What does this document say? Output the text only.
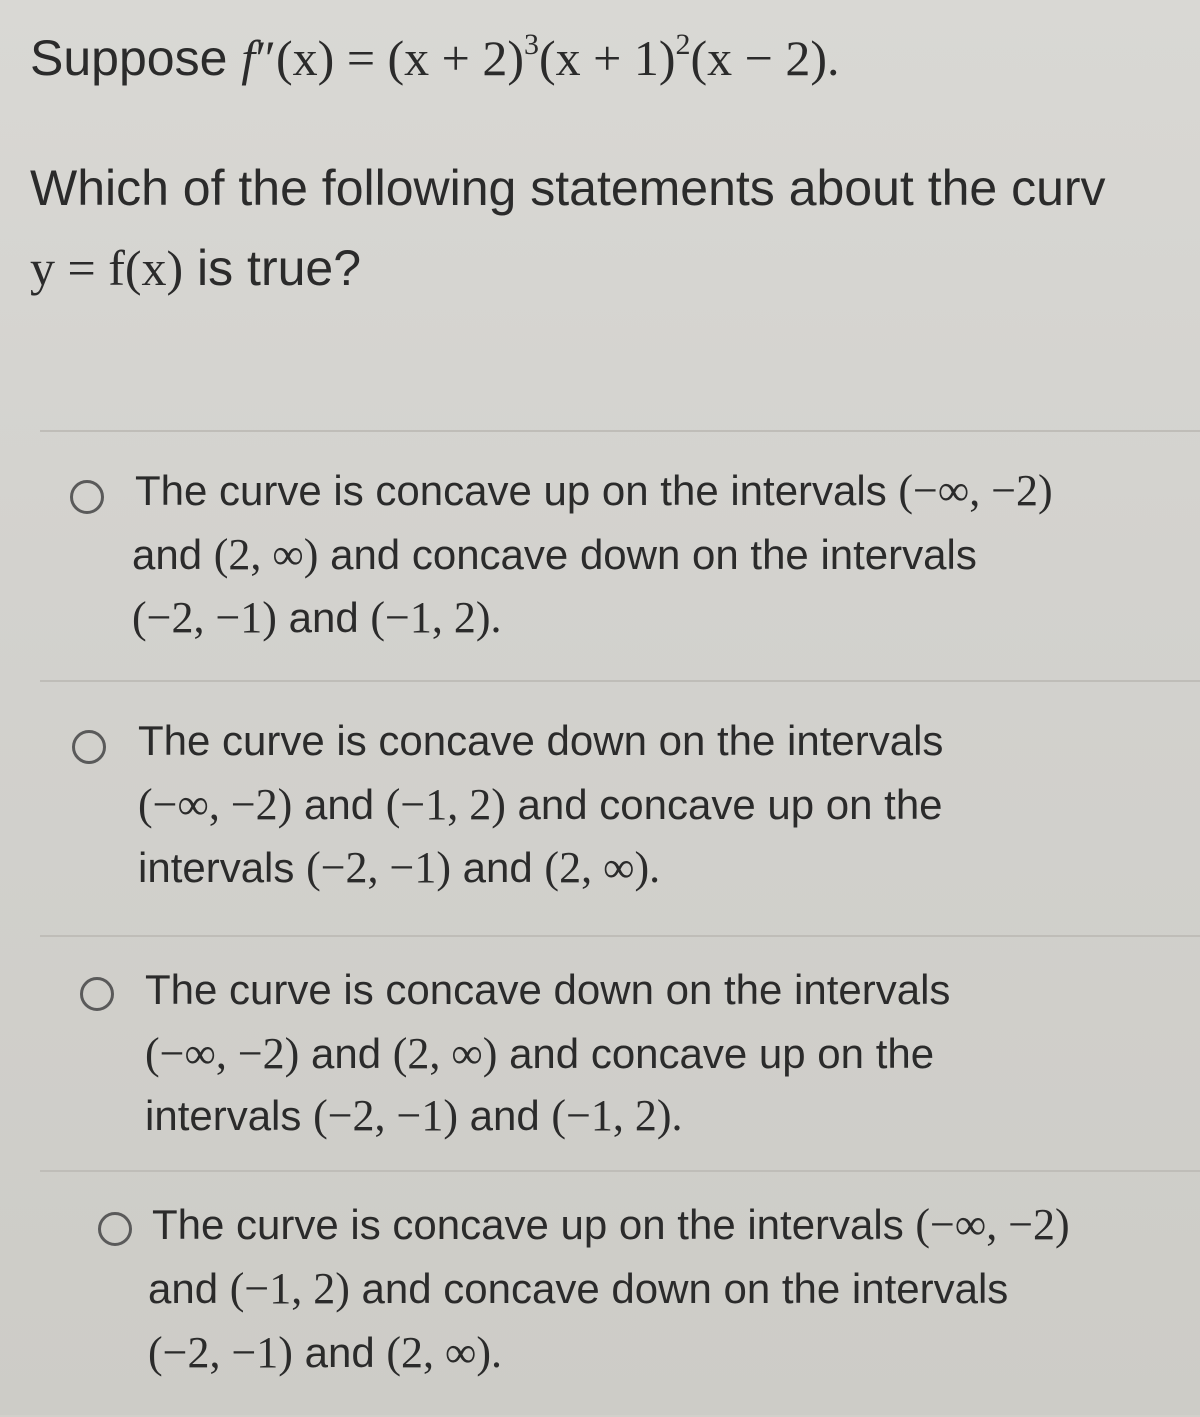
Suppose $f''(x) = (x + 2)^3(x + 1)^2(x - 2)$.
Which of the following statements about the curv
y = f(x) is true?
The curve is concave up on the intervals (−∞, −2)
and (2, ∞) and concave down on the intervals
(−2, −1) and (−1, 2).
The curve is concave down on the intervals
(−∞, −2) and (−1, 2) and concave up on the
intervals (−2, −1) and (2, ∞).
The curve is concave down on the intervals
(−∞, −2) and (2, ∞) and concave up on the
intervals (−2, −1) and (−1, 2).
The curve is concave up on the intervals (−∞, −2)
and (−1, 2) and concave down on the intervals
(−2, −1) and (2, ∞).
